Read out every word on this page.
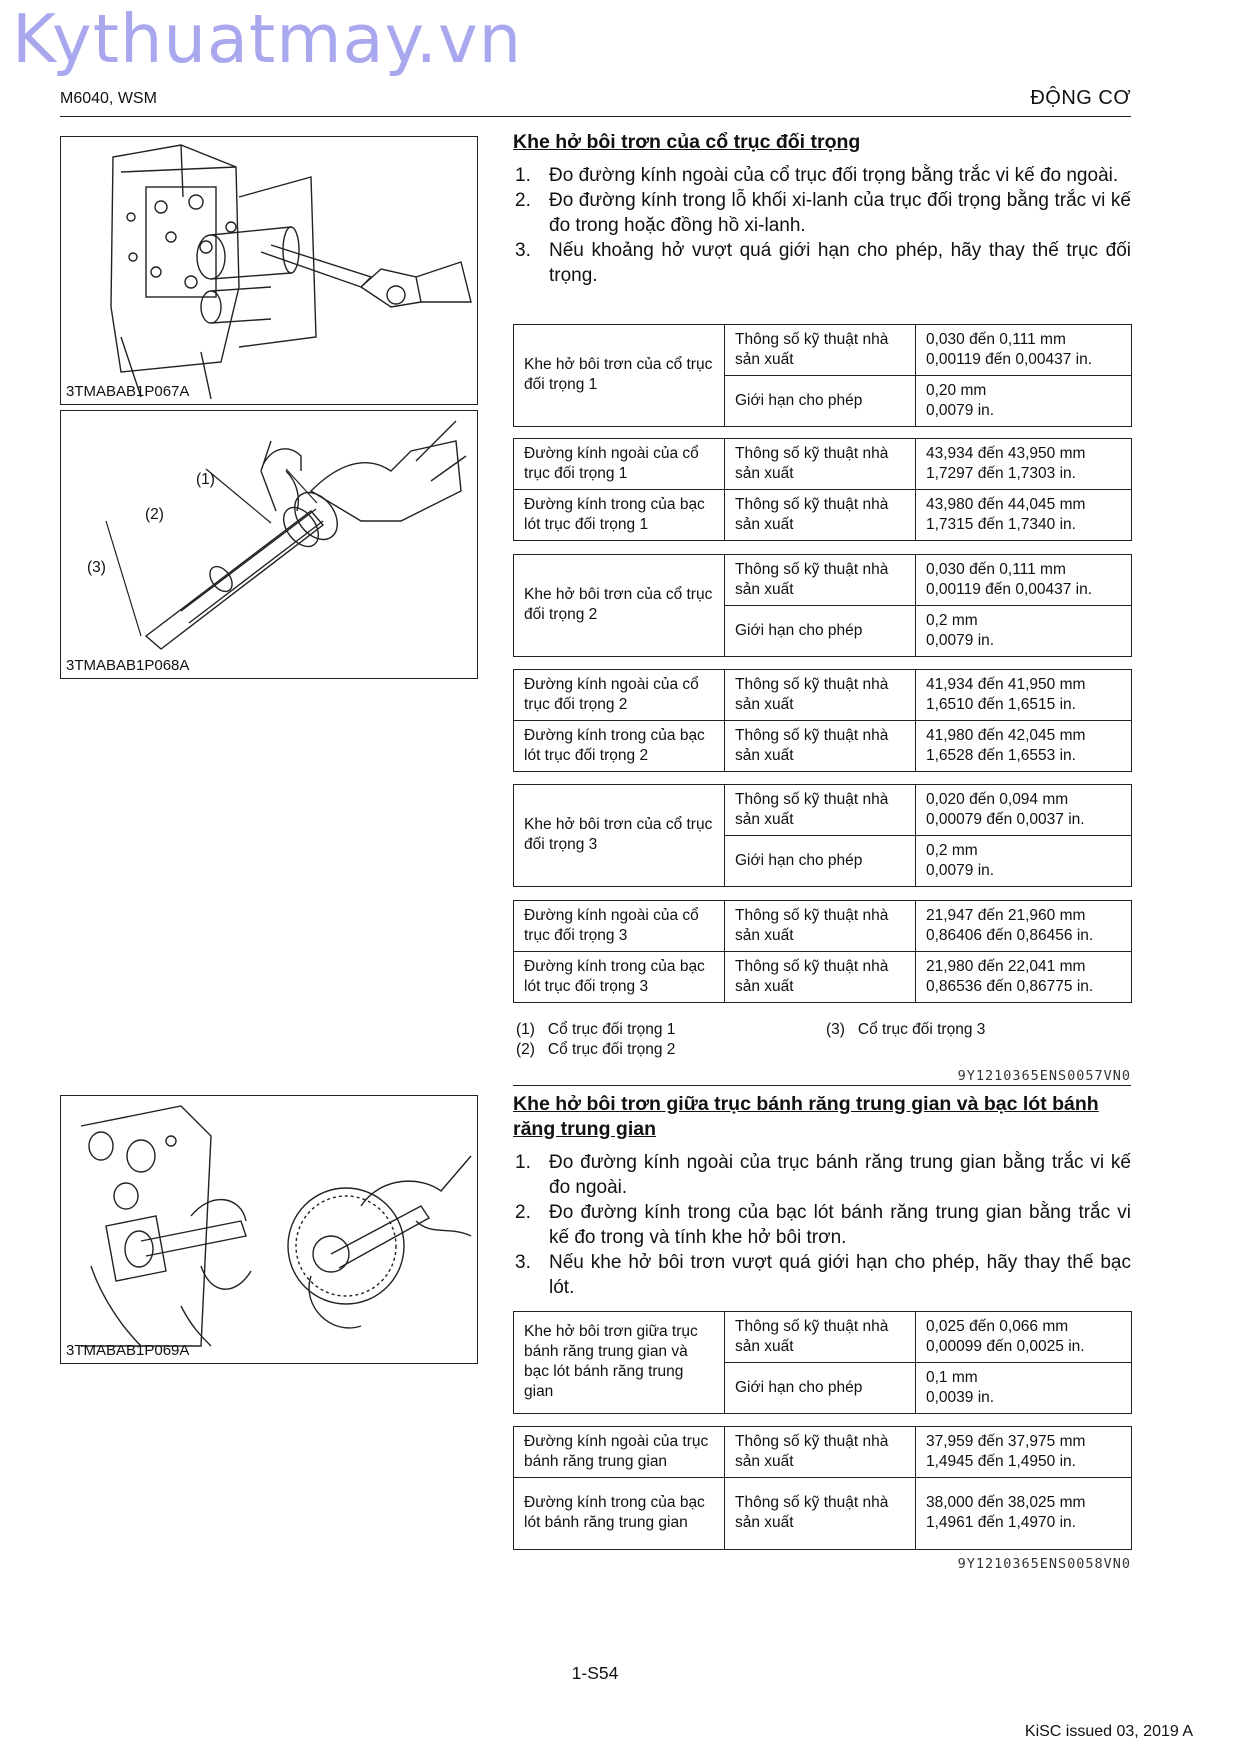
Kythuatmay.vn
M6040, WSM	ĐỘNG CƠ
3TMABAB1P067A
(1)
(2)
(3)
3TMABAB1P068A
3TMABAB1P069A
Khe hở bôi trơn của cổ trục đối trọng
1. Đo đường kính ngoài của cổ trục đối trọng bằng trắc vi kế đo ngoài.
2. Đo đường kính trong lỗ khối xi-lanh của trục đối trọng bằng trắc vi kế đo trong hoặc đồng hồ xi-lanh.
3. Nếu khoảng hở vượt quá giới hạn cho phép, hãy thay thế trục đối trọng.
Khe hở bôi trơn của cổ trục đối trọng 1	Thông số kỹ thuật nhà sản xuất	0,030 đến 0,111 mm
0,00119 đến 0,00437 in.
	Giới hạn cho phép	0,20 mm
0,0079 in.
Đường kính ngoài của cổ trục đối trọng 1	Thông số kỹ thuật nhà sản xuất	43,934 đến 43,950 mm
1,7297 đến 1,7303 in.
Đường kính trong của bạc lót trục đối trọng 1	Thông số kỹ thuật nhà sản xuất	43,980 đến 44,045 mm
1,7315 đến 1,7340 in.
Khe hở bôi trơn của cổ trục đối trọng 2	Thông số kỹ thuật nhà sản xuất	0,030 đến 0,111 mm
0,00119 đến 0,00437 in.
	Giới hạn cho phép	0,2 mm
0,0079 in.
Đường kính ngoài của cổ trục đối trọng 2	Thông số kỹ thuật nhà sản xuất	41,934 đến 41,950 mm
1,6510 đến 1,6515 in.
Đường kính trong của bạc lót trục đối trọng 2	Thông số kỹ thuật nhà sản xuất	41,980 đến 42,045 mm
1,6528 đến 1,6553 in.
Khe hở bôi trơn của cổ trục đối trọng 3	Thông số kỹ thuật nhà sản xuất	0,020 đến 0,094 mm
0,00079 đến 0,0037 in.
	Giới hạn cho phép	0,2 mm
0,0079 in.
Đường kính ngoài của cổ trục đối trọng 3	Thông số kỹ thuật nhà sản xuất	21,947 đến 21,960 mm
0,86406 đến 0,86456 in.
Đường kính trong của bạc lót trục đối trọng 3	Thông số kỹ thuật nhà sản xuất	21,980 đến 22,041 mm
0,86536 đến 0,86775 in.
(1) Cổ trục đối trọng 1
(2) Cổ trục đối trọng 2
(3) Cổ trục đối trọng 3
9Y1210365ENS0057VN0
Khe hở bôi trơn giữa trục bánh răng trung gian và bạc lót bánh răng trung gian
1. Đo đường kính ngoài của trục bánh răng trung gian bằng trắc vi kế đo ngoài.
2. Đo đường kính trong của bạc lót bánh răng trung gian bằng trắc vi kế đo trong và tính khe hở bôi trơn.
3. Nếu khe hở bôi trơn vượt quá giới hạn cho phép, hãy thay thế bạc lót.
Khe hở bôi trơn giữa trục bánh răng trung gian và bạc lót bánh răng trung gian	Thông số kỹ thuật nhà sản xuất	0,025 đến 0,066 mm
0,00099 đến 0,0025 in.
	Giới hạn cho phép	0,1 mm
0,0039 in.
Đường kính ngoài của trục bánh răng trung gian	Thông số kỹ thuật nhà sản xuất	37,959 đến 37,975 mm
1,4945 đến 1,4950 in.
Đường kính trong của bạc lót bánh răng trung gian	Thông số kỹ thuật nhà sản xuất	38,000 đến 38,025 mm
1,4961 đến 1,4970 in.
9Y1210365ENS0058VN0
1-S54
KiSC issued 03, 2019 A
